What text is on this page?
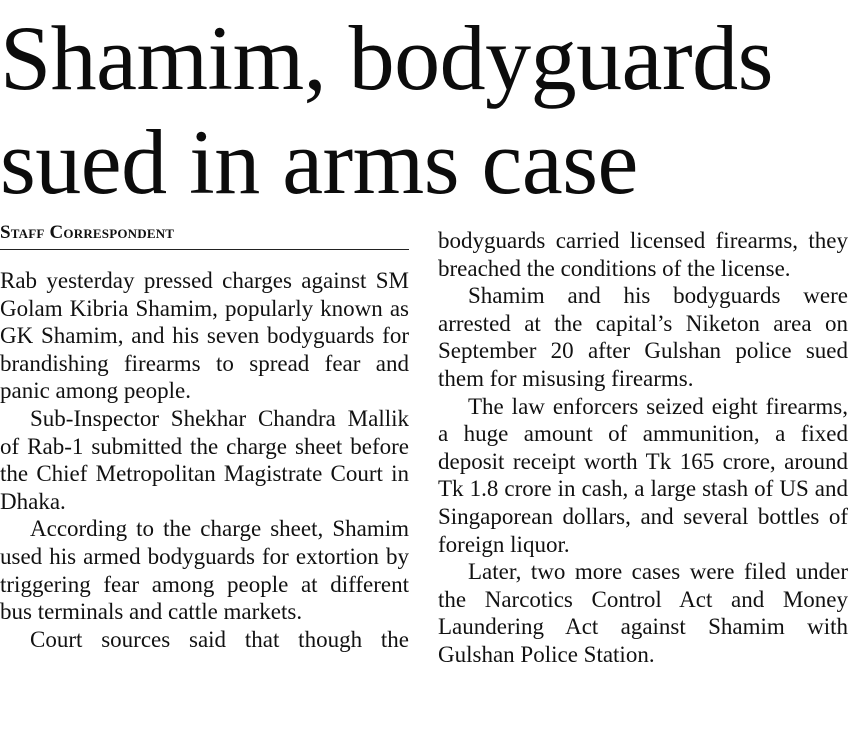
Shamim, bodyguards
sued in arms case
Staff Correspondent

Rab yesterday pressed charges against SM Golam Kibria Shamim, popularly known as GK Shamim, and his seven bodyguards for brandishing firearms to spread fear and panic among people.

Sub-Inspector Shekhar Chandra Mallik of Rab-1 submitted the charge sheet before the Chief Metropolitan Magistrate Court in Dhaka.

According to the charge sheet, Shamim used his armed bodyguards for extortion by triggering fear among people at different bus terminals and cattle markets.

Court sources said that though the

bodyguards carried licensed firearms, they breached the conditions of the license.

Shamim and his bodyguards were arrested at the capital’s Niketon area on September 20 after Gulshan police sued them for misusing firearms.

The law enforcers seized eight firearms, a huge amount of ammunition, a fixed deposit receipt worth Tk 165 crore, around Tk 1.8 crore in cash, a large stash of US and Singaporean dollars, and several bottles of foreign liquor.

Later, two more cases were filed under the Narcotics Control Act and Money Laundering Act against Shamim with Gulshan Police Station.
